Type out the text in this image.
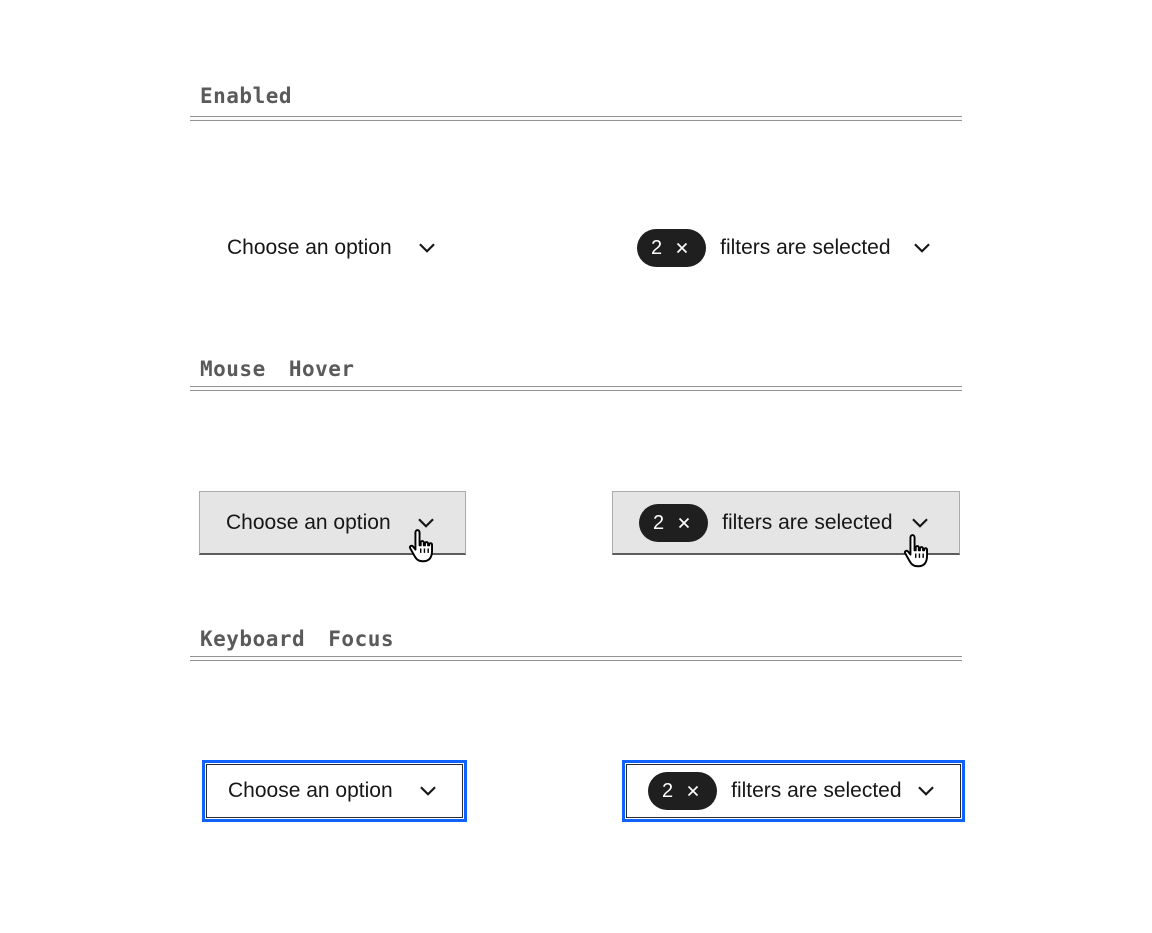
Enabled
Choose an option	2	filters are selected
Mouse Hover
Choose an option	2	filters are selected
Keyboard Focus
Choose an option	2	filters are selected
